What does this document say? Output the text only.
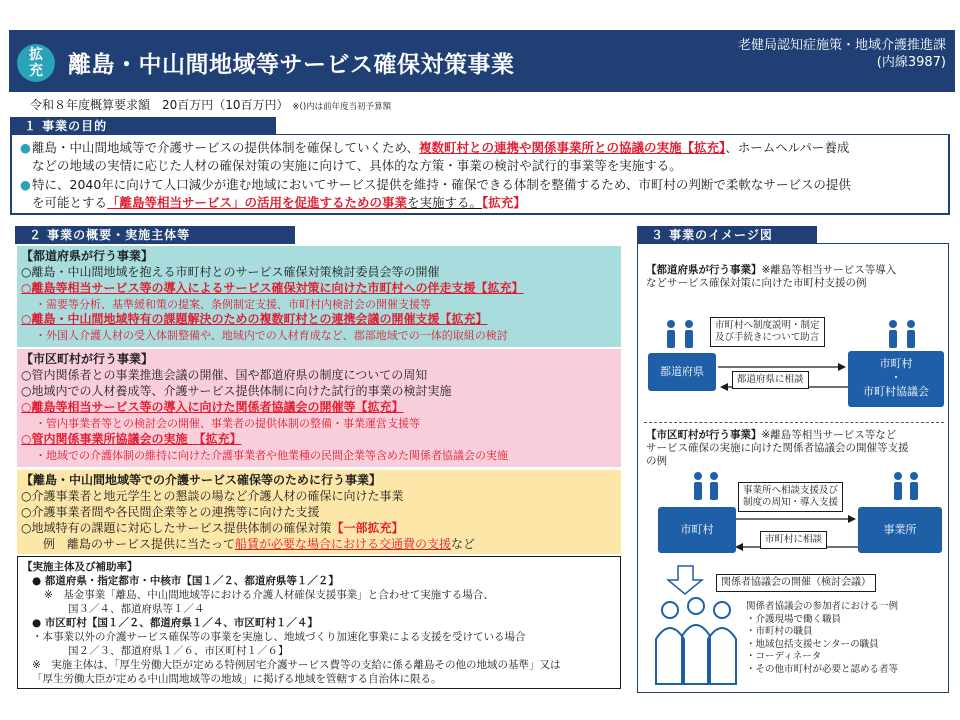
拡
充	離島・中山間地域等サービス確保対策事業
老健局認知症施策・地域介護推進課
(内線3987)
令和８年度概算要求額　20百万円（10百万円） ※()内は前年度当初予算額
１ 事業の目的
● 離島・中山間地域等で介護サービスの提供体制を確保していくため、複数町村との連携や関係事業所との協議の実施【拡充】、ホームヘルパー養成
などの地域の実情に応じた人材の確保対策の実施に向けて、具体的な方策・事業の検討や試行的事業等を実施する。
● 特に、2040年に向けて人口減少が進む地域においてサービス提供を維持・確保できる体制を整備するため、市町村の判断で柔軟なサービスの提供
を可能とする「離島等相当サービス」の活用を促進するための事業を実施する。【拡充】
２ 事業の概要・実施主体等
【都道府県が行う事業】
○離島・中山間地域を抱える市町村とのサービス確保対策検討委員会等の開催
○離島等相当サービス等の導入によるサービス確保対策に向けた市町村への伴走支援【拡充】
・需要等分析、基準緩和策の提案、条例制定支援、市町村内検討会の開催支援等
○離島・中山間地域特有の課題解決のための複数町村との連携会議の開催支援【拡充】
・外国人介護人材の受入体制整備や、地域内での人材育成など、郡部地域での一体的取組の検討
【市区町村が行う事業】
○管内関係者との事業推進会議の開催、国や都道府県の制度についての周知
○地域内での人材養成等、介護サービス提供体制に向けた試行的事業の検討実施
○離島等相当サービス等の導入に向けた関係者協議会の開催等【拡充】
・管内事業者等との検討会の開催、事業者の提供体制の整備・事業運営支援等
○管内関係事業所協議会の実施　【拡充】
・地域での介護体制の維持に向けた介護事業者や他業種の民間企業等含めた関係者協議会の実施
【離島・中山間地域等での介護サービス確保等のために行う事業】
○介護事業者と地元学生との懇談の場など介護人材の確保に向けた事業
○介護事業者間や各民間企業等との連携等に向けた支援
○地域特有の課題に対応したサービス提供体制の確保対策【一部拡充】
例　離島のサービス提供に当たって船賃が必要な場合における交通費の支援など
【実施主体及び補助率】
● 都道府県・指定都市・中核市【国１／２、都道府県等１／２】
※　基金事業「離島、中山間地域等における介護人材確保支援事業」と合わせて実施する場合、
国３／４、都道府県等１／４
● 市区町村【国１／２、都道府県１／４、市区町村１／４】
・本事業以外の介護サービス確保等の事業を実施し、地域づくり加速化事業による支援を受けている場合
国２／３、都道府県１／６、市区町村１／６】
※　実施主体は、「厚生労働大臣が定める特例居宅介護サービス費等の支給に係る離島その他の地域の基準」又は
「厚生労働大臣が定める中山間地域等の地域」に掲げる地域を管轄する自治体に限る。
３ 事業のイメージ図
【都道府県が行う事業】※離島等相当サービス等導入
などサービス確保対策に向けた市町村支援の例
市町村へ制度説明・制定
及び手続きについて助言
都道府県
市町村
・
市町村協議会
都道府県に相談
【市区町村が行う事業】※離島等相当サービス等など
サービス確保の実施に向けた関係者協議会の開催等支援
の例
事業所へ相談支援及び
制度の周知・導入支援
市町村	事業所
市町村に相談
関係者協議会の開催（検討会議）
関係者協議会の参加者における一例
・介護現場で働く職員
・市町村の職員
・地域包括支援センターの職員
・コーディネータ
・その他市町村が必要と認める者等
